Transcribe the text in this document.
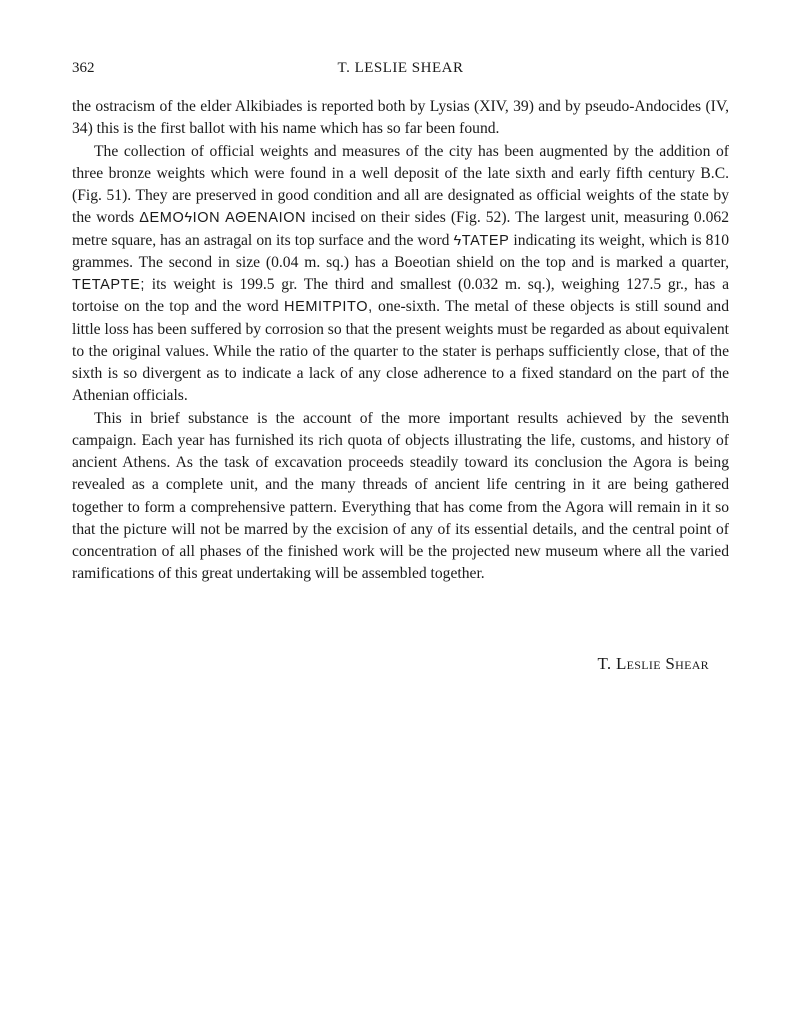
362	T. LESLIE SHEAR

the ostracism of the elder Alkibiades is reported both by Lysias (XIV, 39) and by pseudo-Andocides (IV, 34) this is the first ballot with his name which has so far been found.

The collection of official weights and measures of the city has been augmented by the addition of three bronze weights which were found in a well deposit of the late sixth and early fifth century B.C. (Fig. 51). They are preserved in good condition and all are designated as official weights of the state by the words ΔΕΜΟϟΙΟΝ ΑΘΕΝΑΙΟΝ incised on their sides (Fig. 52). The largest unit, measuring 0.062 metre square, has an astragal on its top surface and the word ϟΤΑΤΕΡ indicating its weight, which is 810 grammes. The second in size (0.04 m. sq.) has a Boeotian shield on the top and is marked a quarter, ΤΕΤΑΡΤΕ; its weight is 199.5 gr. The third and smallest (0.032 m. sq.), weighing 127.5 gr., has a tortoise on the top and the word ΗΕΜΙΤΡΙΤΟ, one-sixth. The metal of these objects is still sound and little loss has been suffered by corrosion so that the present weights must be regarded as about equivalent to the original values. While the ratio of the quarter to the stater is perhaps sufficiently close, that of the sixth is so divergent as to indicate a lack of any close adherence to a fixed standard on the part of the Athenian officials.

This in brief substance is the account of the more important results achieved by the seventh campaign. Each year has furnished its rich quota of objects illustrating the life, customs, and history of ancient Athens. As the task of excavation proceeds steadily toward its conclusion the Agora is being revealed as a complete unit, and the many threads of ancient life centring in it are being gathered together to form a comprehensive pattern. Everything that has come from the Agora will remain in it so that the picture will not be marred by the excision of any of its essential details, and the central point of concentration of all phases of the finished work will be the projected new museum where all the varied ramifications of this great undertaking will be assembled together.

T. Leslie Shear
